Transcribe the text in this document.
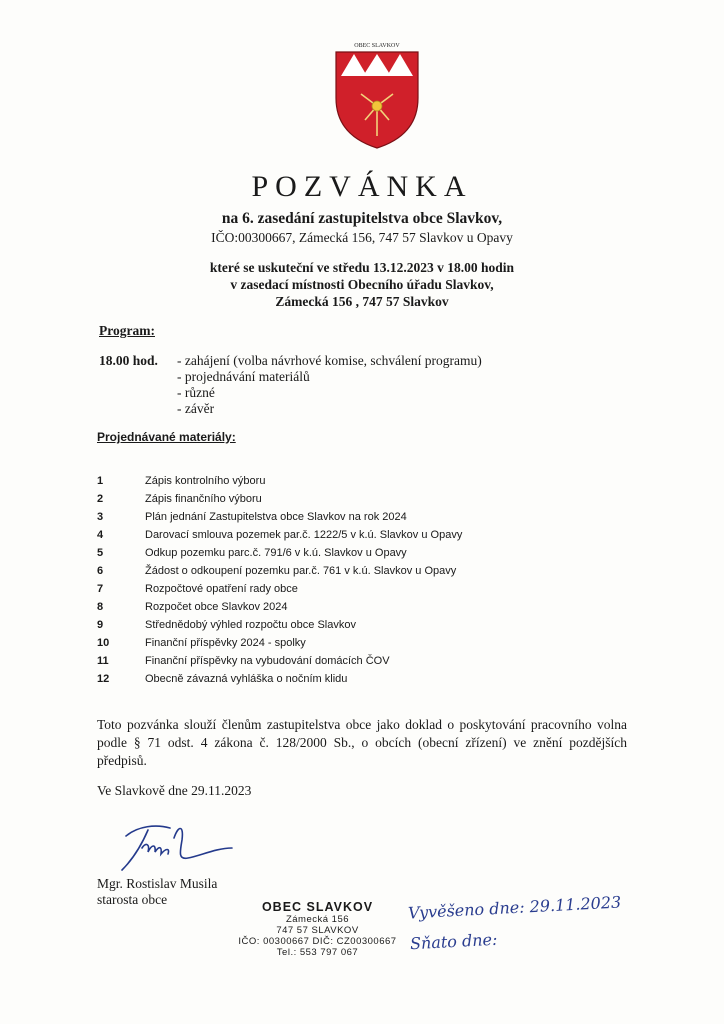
OBEC SLAVKOV
POZVÁNKA
na 6. zasedání zastupitelstva obce Slavkov,
IČO:00300667, Zámecká 156, 747 57 Slavkov u Opavy
které se uskuteční ve středu 13.12.2023 v 18.00 hodin
v zasedací místnosti Obecního úřadu Slavkov,
Zámecká 156 , 747 57 Slavkov
Program:
18.00 hod. - zahájení (volba návrhové komise, schválení programu)
- projednávání materiálů
- různé
- závěr
Projednávané materiály:
1	Zápis kontrolního výboru
2	Zápis finančního výboru
3	Plán jednání Zastupitelstva obce Slavkov na rok 2024
4	Darovací smlouva pozemek par.č. 1222/5 v k.ú. Slavkov u Opavy
5	Odkup pozemku parc.č. 791/6 v k.ú. Slavkov u Opavy
6	Žádost o odkoupení pozemku par.č. 761 v k.ú. Slavkov u Opavy
7	Rozpočtové opatření rady obce
8	Rozpočet obce Slavkov 2024
9	Střednědobý výhled rozpočtu obce Slavkov
10	Finanční příspěvky 2024 - spolky
11	Finanční příspěvky na vybudování domácích ČOV
12	Obecně závazná vyhláška o nočním klidu
Toto pozvánka slouží členům zastupitelstva obce jako doklad o poskytování pracovního volna podle § 71 odst. 4 zákona č. 128/2000 Sb., o obcích (obecní zřízení) ve znění pozdějších předpisů.
Ve Slavkově dne 29.11.2023
Mgr. Rostislav Musila
starosta obce	OBEC SLAVKOV
Zámecká 156
747 57 SLAVKOV
IČO: 00300667 DIČ: CZ00300667
Tel.: 553 797 067
Vyvěšeno dne: 29.11.2023
Sňato dne:
